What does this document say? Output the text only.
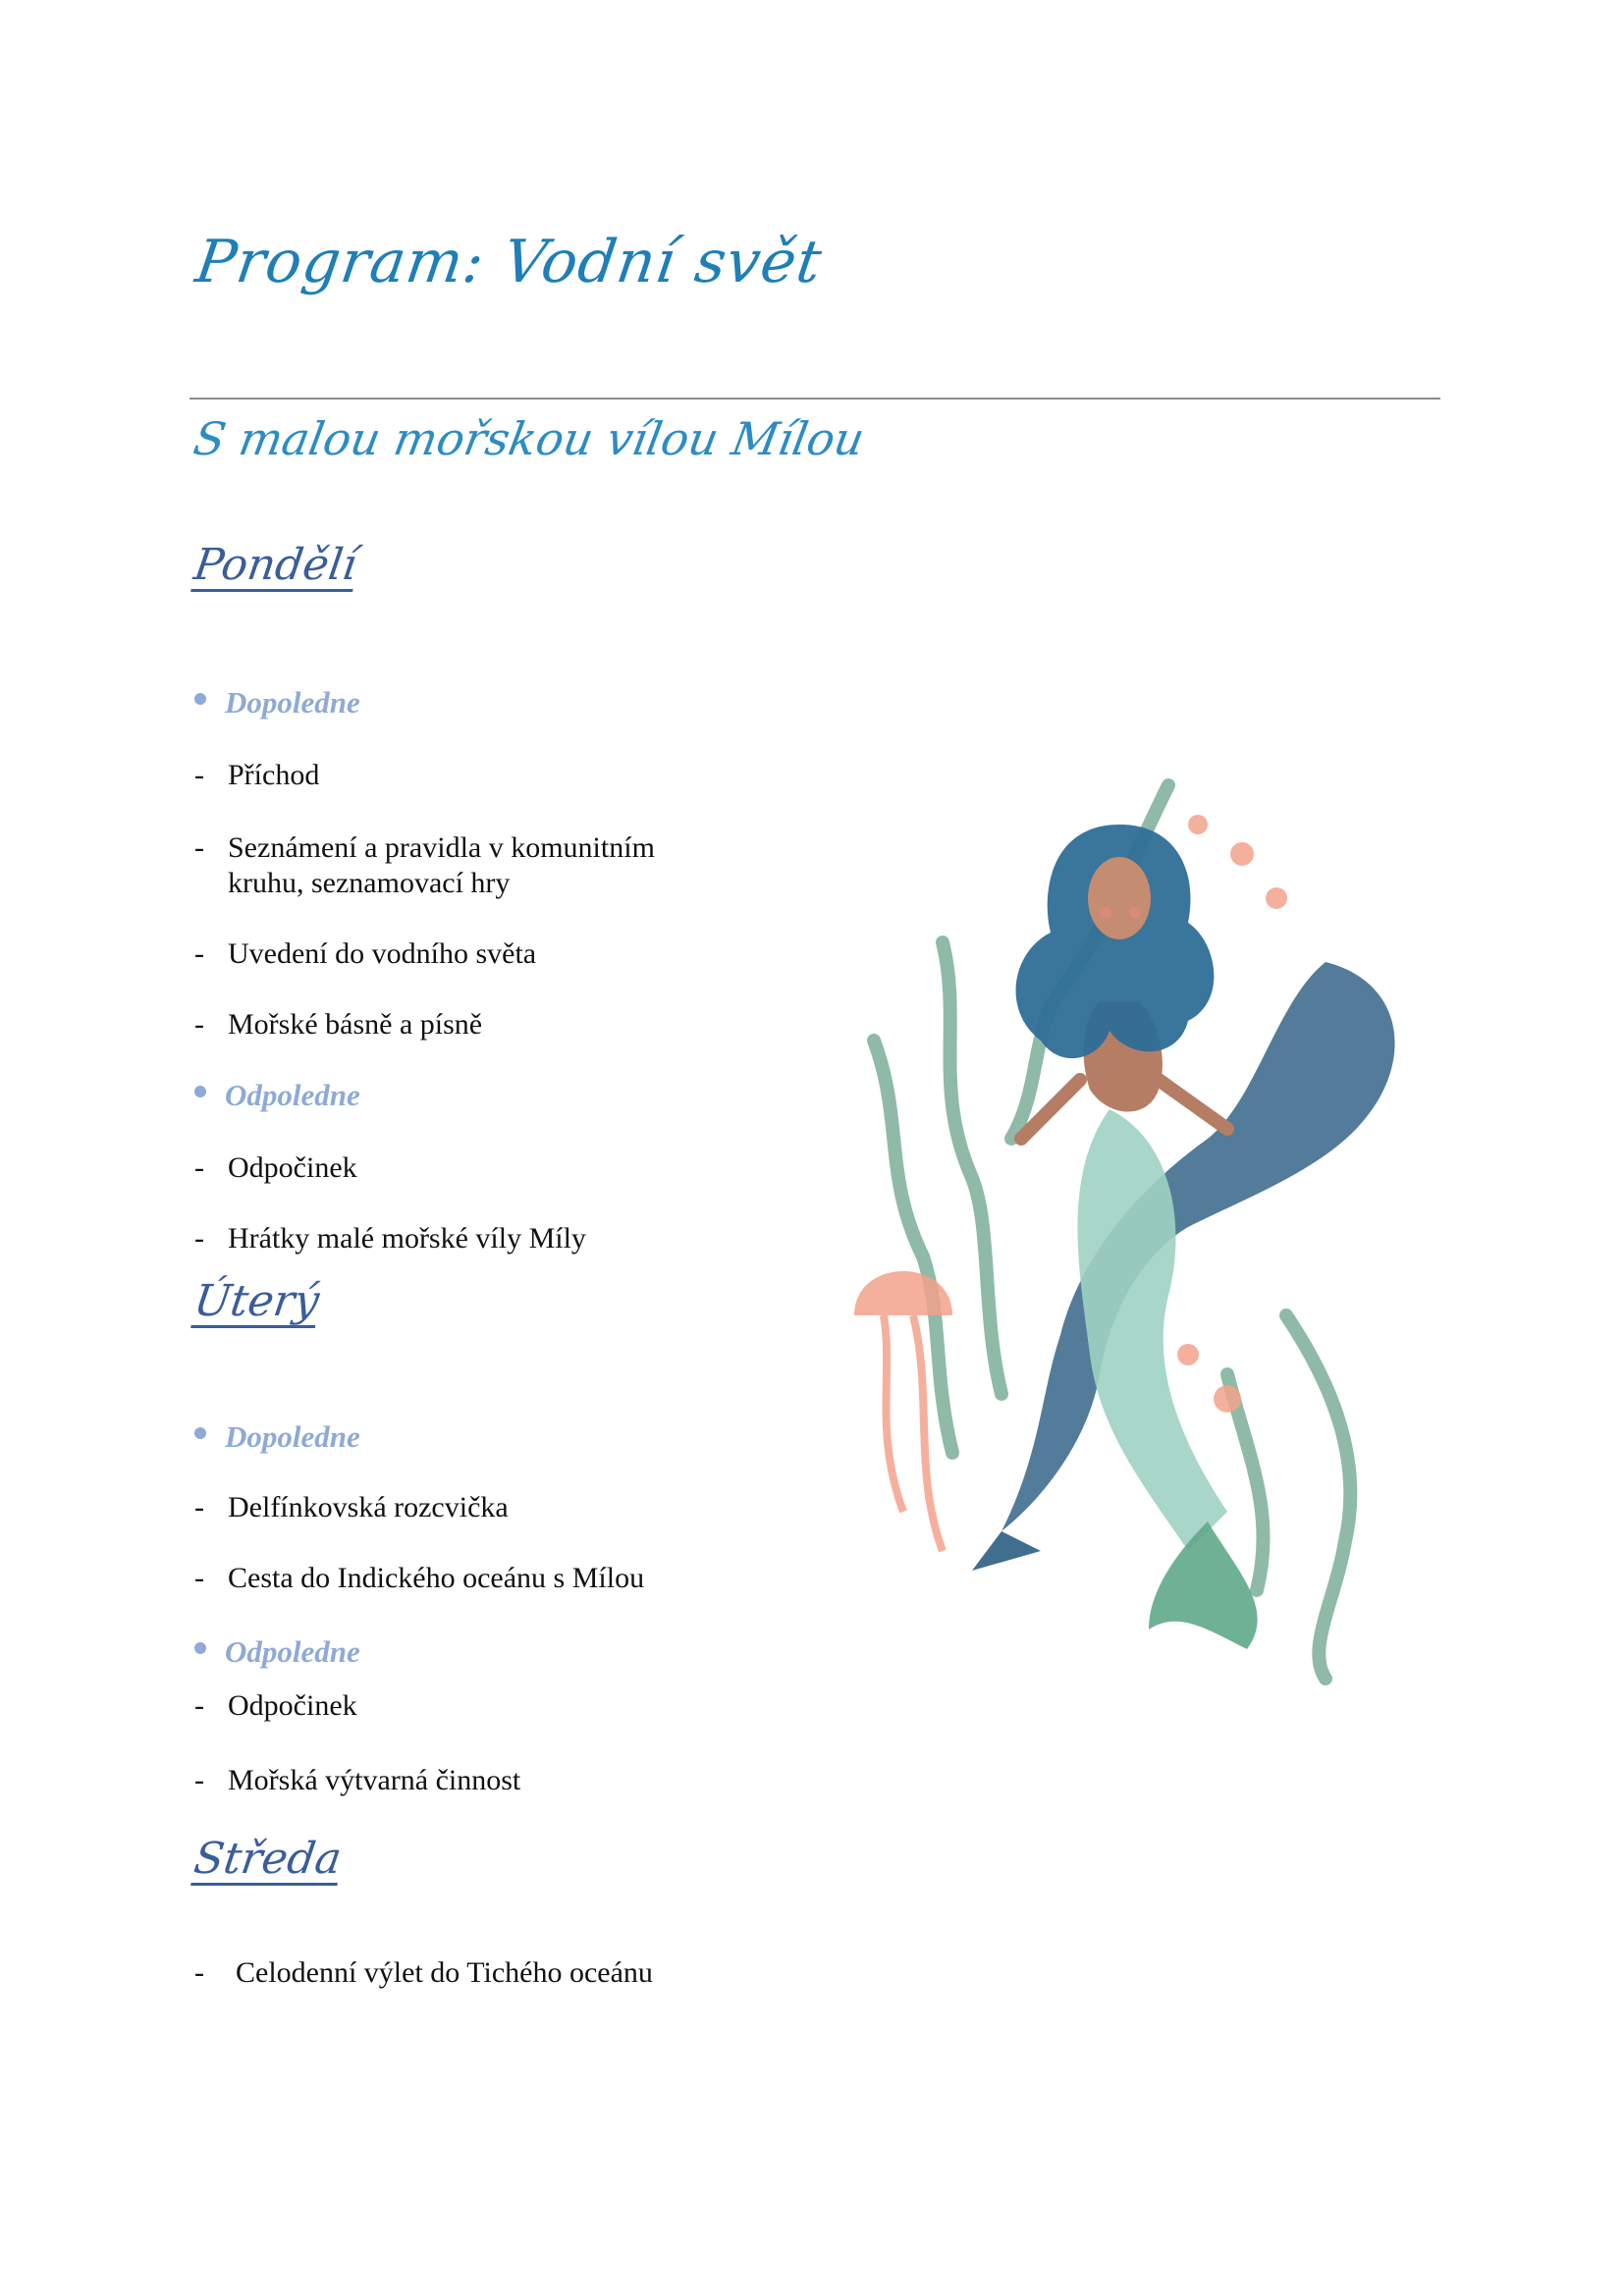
Program: Vodní svět
S malou mořskou vílou Mílou
Pondělí
Dopoledne
- Příchod
- Seznámení a pravidla v komunitním kruhu, seznamovací hry
- Uvedení do vodního světa
- Mořské básně a písně
Odpoledne
- Odpočinek
- Hrátky malé mořské víly Míly
Úterý
Dopoledne
- Delfínkovská rozcvička
- Cesta do Indického oceánu s Mílou
Odpoledne
- Odpočinek
- Mořská výtvarná činnost
Středa
-	Celodenní výlet do Tichého oceánu
